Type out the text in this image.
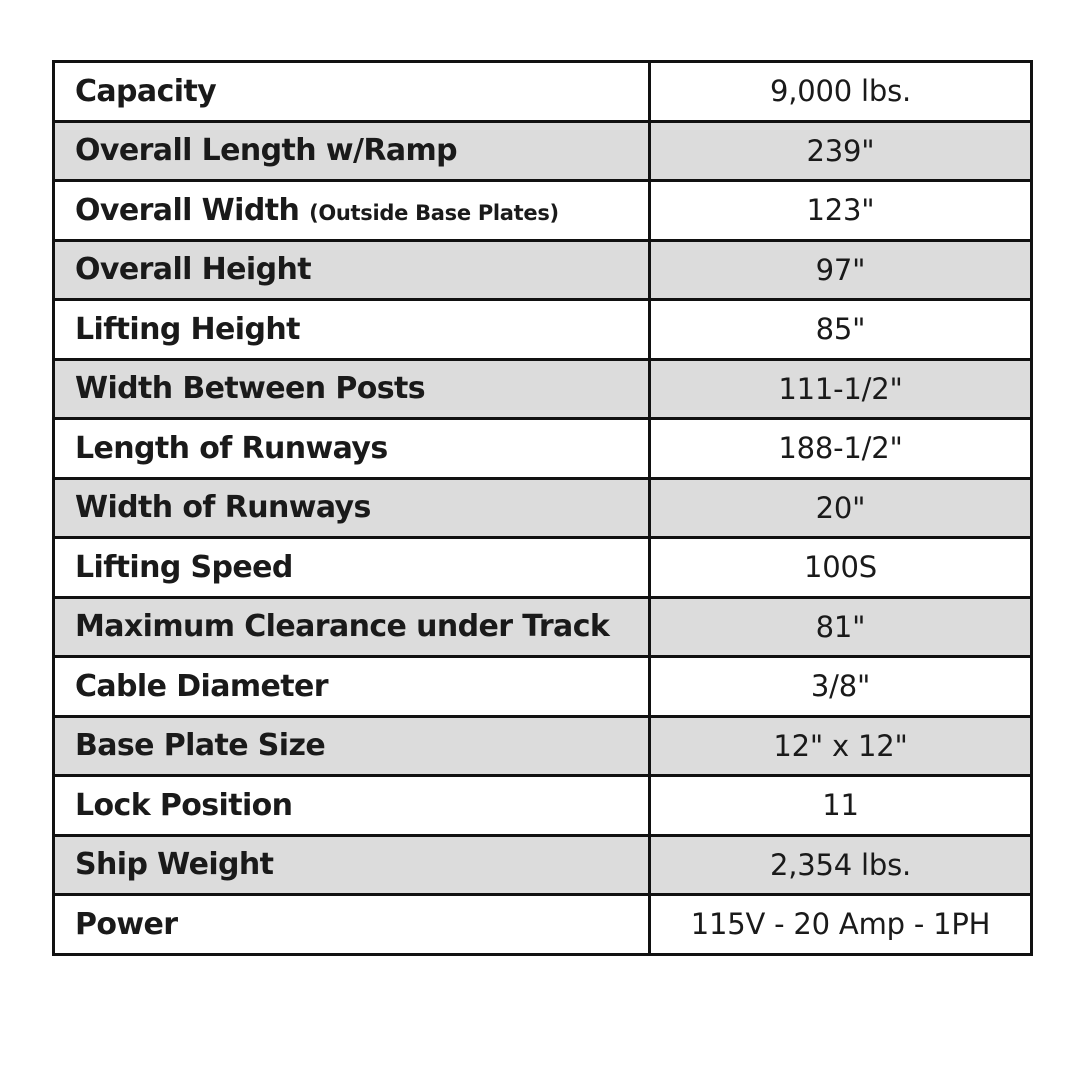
Capacity	9,000 lbs.
Overall Length w/Ramp	239"
Overall Width (Outside Base Plates)	123"
Overall Height	97"
Lifting Height	85"
Width Between Posts	111-1/2"
Length of Runways	188-1/2"
Width of Runways	20"
Lifting Speed	100S
Maximum Clearance under Track	81"
Cable Diameter	3/8"
Base Plate Size	12" x 12"
Lock Position	11
Ship Weight	2,354 lbs.
Power	115V - 20 Amp - 1PH
